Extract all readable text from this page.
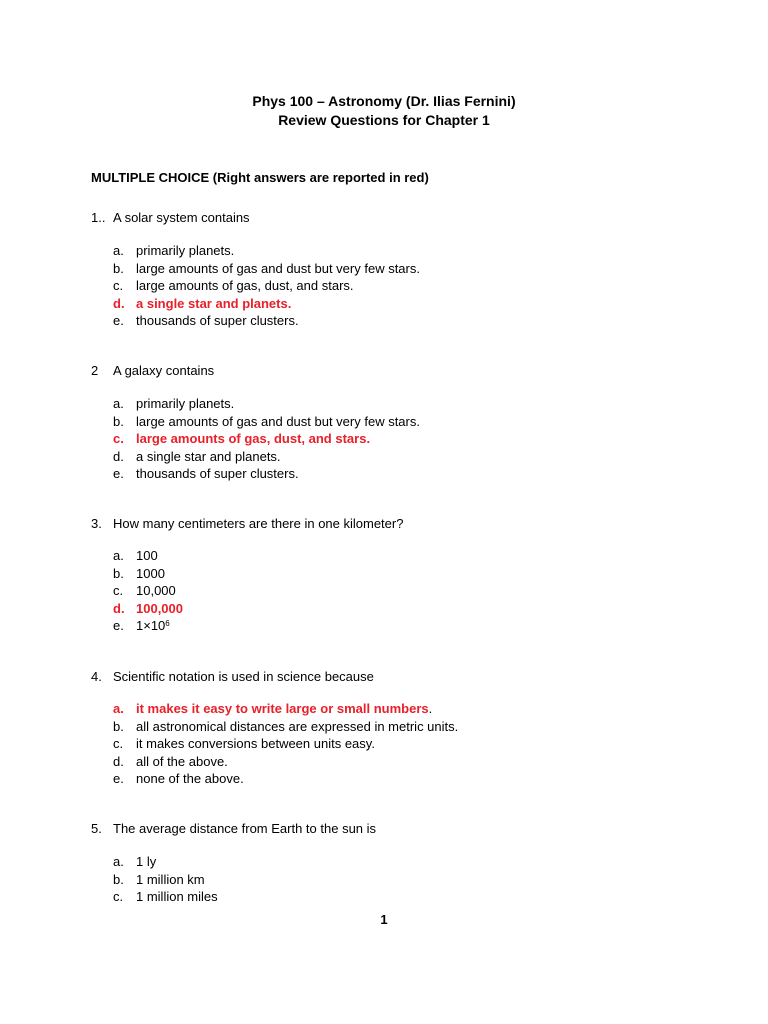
Phys 100 – Astronomy (Dr. Ilias Fernini)
Review Questions for Chapter 1
MULTIPLE CHOICE (Right answers are reported in red)
1.. A solar system contains
a. primarily planets.
b. large amounts of gas and dust but very few stars.
c. large amounts of gas, dust, and stars.
d. a single star and planets.
e. thousands of super clusters.
2 A galaxy contains
a. primarily planets.
b. large amounts of gas and dust but very few stars.
c. large amounts of gas, dust, and stars.
d. a single star and planets.
e. thousands of super clusters.
3. How many centimeters are there in one kilometer?
a. 100
b. 1000
c. 10,000
d. 100,000
e. $1\times 10^6$
4. Scientific notation is used in science because
a. it makes it easy to write large or small numbers.
b. all astronomical distances are expressed in metric units.
c. it makes conversions between units easy.
d. all of the above.
e. none of the above.
5. The average distance from Earth to the sun is
a. 1 ly
b. 1 million km
c. 1 million miles
1
